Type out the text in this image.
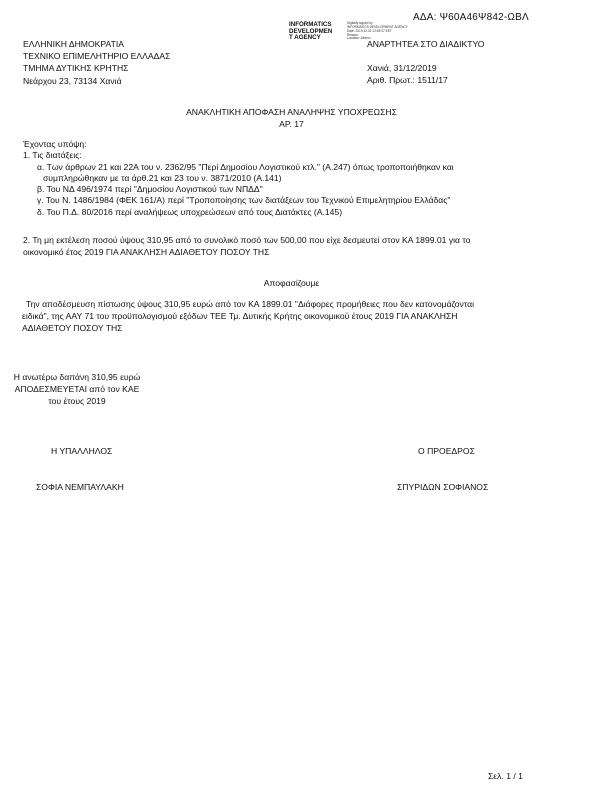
ΑΔΑ: Ψ60Α46Ψ842-ΩΒΛ
INFORMATICS
DEVELOPMEN
T AGENCY
Digitally signed by
INFORMATICS DEVELOPMENT AGENCY
Date: 2019.12.31 12:49:07 EET
Reason:
Location: Athens
ΑΝΑΡΤΗΤΕΑ ΣΤΟ ΔΙΑΔΙΚΤΥΟ
ΕΛΛΗΝΙΚΗ ΔΗΜΟΚΡΑΤΙΑ
ΤΕΧΝΙΚΟ ΕΠΙΜΕΛΗΤΗΡΙΟ ΕΛΛΑΔΑΣ
ΤΜΗΜΑ ΔΥΤΙΚΗΣ ΚΡΗΤΗΣ
Νεάρχου 23, 73134 Χανιά
Χανιά, 31/12/2019
Αριθ. Πρωτ.: 1511/17
ΑΝΑΚΛΗΤΙΚΗ ΑΠΟΦΑΣΗ ΑΝΑΛΗΨΗΣ ΥΠΟΧΡΕΩΣΗΣ
ΑΡ. 17
Έχοντας υπόψη:
1. Τις διατάξεις:
α. Των άρθρων 21 και 22Α του ν. 2362/95 "Περί Δημοσίου Λογιστικού κτλ." (Α.247) όπως τροποποιήθηκαν και
συμπληρώθηκαν με τα άρθ.21 και 23 του ν. 3871/2010 (Α.141)
β. Του ΝΔ 496/1974 περί "Δημοσίου Λογιστικού των ΝΠΔΔ"
γ. Του Ν. 1486/1984 (ΦΕΚ 161/Α) περί "Τροποποίησης των διατάξεων του Τεχνικού Επιμελητηρίου Ελλάδας"
δ. Του Π.Δ. 80/2016 περί αναλήψεως υποχρεώσεων από τους Διατάκτες (Α.145)
2. Τη μη εκτέλεση ποσού ύψους 310,95 από το συνολικό ποσό των 500,00 που είχε δεσμευτεί στον ΚΑ 1899.01 για το
οικονομικό έτος 2019 ΓΙΑ ΑΝΑΚΛΗΣΗ ΑΔΙΑΘΕΤΟΥ ΠΟΣΟΥ ΤΗΣ
Αποφασίζουμε
Την αποδέσμευση πίστωσης ύψους 310,95 ευρώ από τον ΚΑ 1899.01 "Διάφορες προμήθειες που δεν κατονομάζονται
ειδικά", της ΑΑΥ 71 του προϋπολογισμού εξόδων ΤΕΕ Τμ. Δυτικής Κρήτης οικονομικού έτους 2019 ΓΙΑ ΑΝΑΚΛΗΣΗ
ΑΔΙΑΘΕΤΟΥ ΠΟΣΟΥ ΤΗΣ
Η ανωτέρω δαπάνη 310,95 ευρώ
ΑΠΟΔΕΣΜΕΥΕΤΑΙ από τον ΚΑΕ
του έτους 2019
Η ΥΠΑΛΛΗΛΟΣ
ΣΟΦΙΑ ΝΕΜΠΑΥΛΑΚΗ
Ο ΠΡΟΕΔΡΟΣ
ΣΠΥΡΙΔΩΝ ΣΟΦΙΑΝΟΣ
Σελ. 1 / 1
